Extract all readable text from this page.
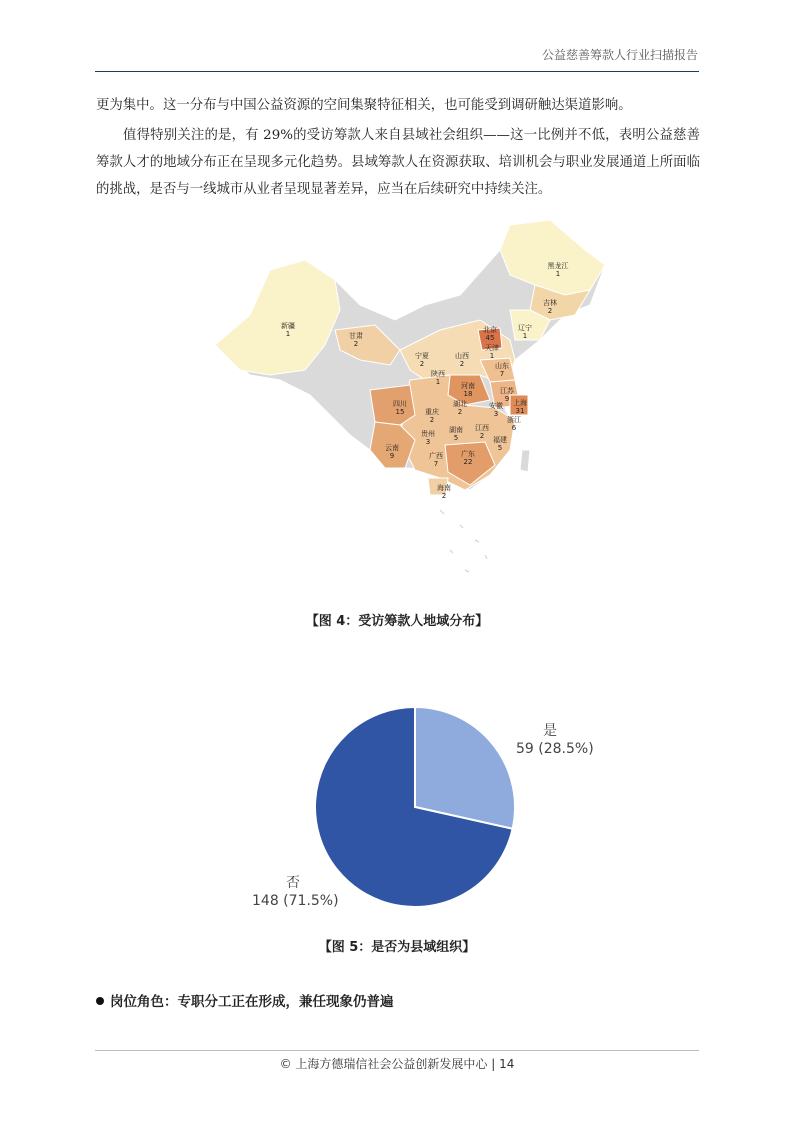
公益慈善筹款人行业扫描报告

更为集中。这一分布与中国公益资源的空间集聚特征相关，也可能受到调研触达渠道影响。

值得特别关注的是，有 29%的受访筹款人来自县域社会组织——这一比例并不低，表明公益慈善筹款人才的地域分布正在呈现多元化趋势。县域筹款人在资源获取、培训机会与职业发展通道上所面临的挑战，是否与一线城市从业者呈现显著差异，应当在后续研究中持续关注。

黑龙江
1
吉林
2
辽宁
1
北京
45
天津
1
新疆
1	甘肃
2
宁夏
2
山西
2
陕西
1
山东
7
河南
18	江苏
9 上海
31
湖北
2
安徽
3
四川
15	重庆
2	浙江
6
贵州
3
湖南
5
江西
2 福建
5
云南
9	广西
7
广东
22
海南
2
【图 4：受访筹款人地域分布】
是
59 (28.5%)
否
148 (71.5%)
【图 5：是否为县域组织】
岗位角色：专职分工正在形成，兼任现象仍普遍
© 上海方德瑞信社会公益创新发展中心 | 14
